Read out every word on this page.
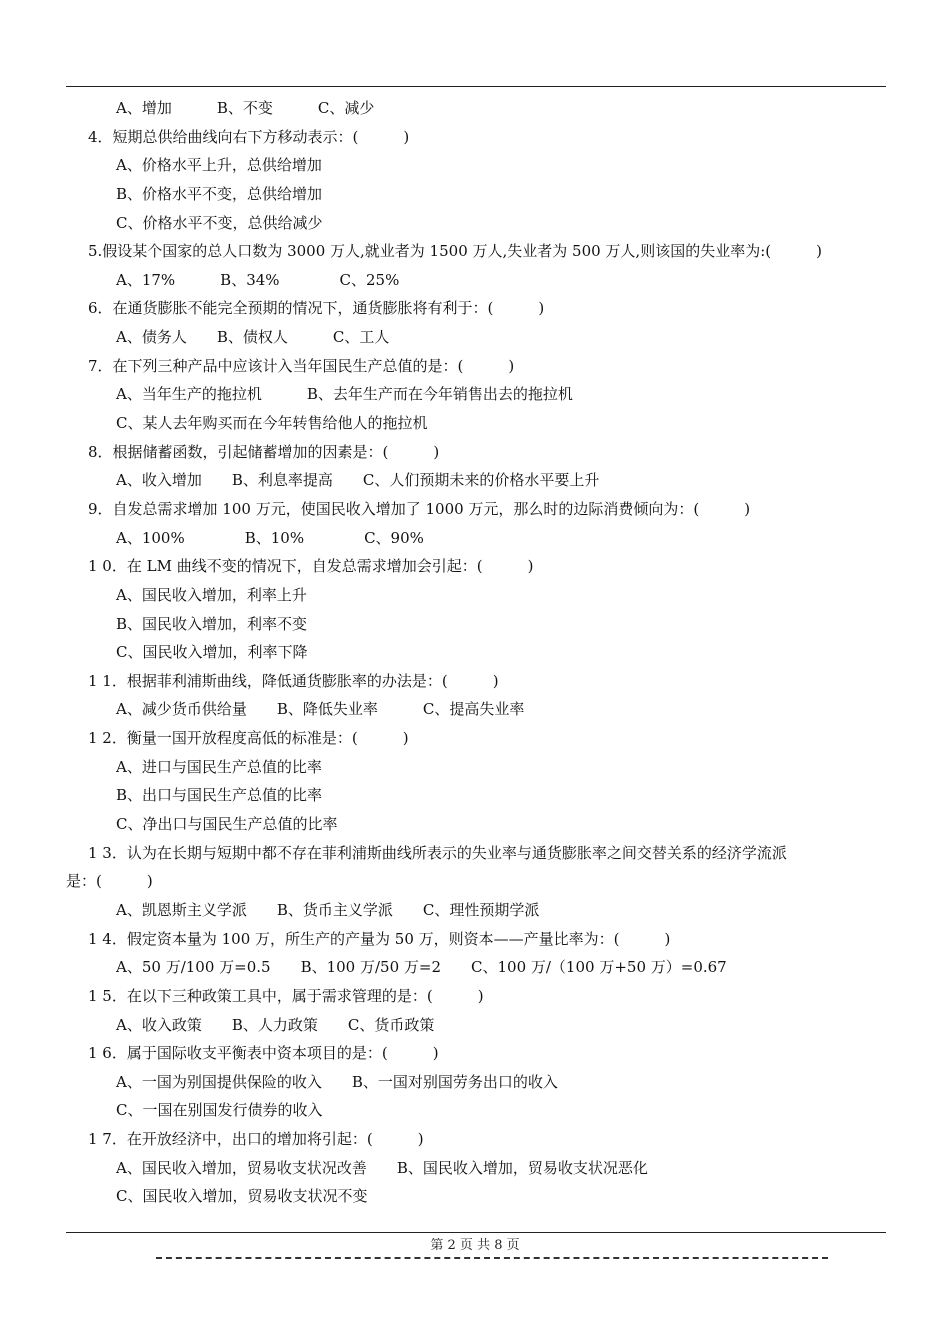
A、增加　　　B、不变　　　C、减少
4．短期总供给曲线向右下方移动表示：(　　　)
A、价格水平上升，总供给增加
B、价格水平不变，总供给增加
C、价格水平不变，总供给减少
5.假设某个国家的总人口数为 3000 万人,就业者为 1500 万人,失业者为 500 万人,则该国的失业率为:(　　　)
A、17%　　　B、34%　　　　C、25%
6．在通货膨胀不能完全预期的情况下，通货膨胀将有利于：(　　　)
A、债务人　　B、债权人　　　C、工人
7．在下列三种产品中应该计入当年国民生产总值的是：(　　　)
A、当年生产的拖拉机　　　B、去年生产而在今年销售出去的拖拉机
C、某人去年购买而在今年转售给他人的拖拉机
8．根据储蓄函数，引起储蓄增加的因素是：(　　　)
A、收入增加　　B、利息率提高　　C、人们预期未来的价格水平要上升
9．自发总需求增加 100 万元，使国民收入增加了 1000 万元，那么时的边际消费倾向为：(　　　)
A、100%　　　　B、10%　　　　C、90%
1 0．在 LM 曲线不变的情况下，自发总需求增加会引起：(　　　)
A、国民收入增加，利率上升
B、国民收入增加，利率不变
C、国民收入增加，利率下降
1 1．根据菲利浦斯曲线，降低通货膨胀率的办法是：(　　　)
A、减少货币供给量　　B、降低失业率　　　C、提高失业率
1 2．衡量一国开放程度高低的标准是：(　　　)
A、进口与国民生产总值的比率
B、出口与国民生产总值的比率
C、净出口与国民生产总值的比率
1 3．认为在长期与短期中都不存在菲利浦斯曲线所表示的失业率与通货膨胀率之间交替关系的经济学流派
是：(　　　)
A、凯恩斯主义学派　　B、货币主义学派　　C、理性预期学派
1 4．假定资本量为 100 万，所生产的产量为 50 万，则资本——产量比率为：(　　　)
A、50 万/100 万=0.5　　B、100 万/50 万=2　　C、100 万/（100 万+50 万）=0.67
1 5．在以下三种政策工具中，属于需求管理的是：(　　　)
A、收入政策　　B、人力政策　　C、货币政策
1 6．属于国际收支平衡表中资本项目的是：(　　　)
A、一国为别国提供保险的收入　　B、一国对别国劳务出口的收入
C、一国在别国发行债券的收入
1 7．在开放经济中，出口的增加将引起：(　　　)
A、国民收入增加，贸易收支状况改善　　B、国民收入增加，贸易收支状况恶化
C、国民收入增加，贸易收支状况不变
第 2 页 共 8 页
